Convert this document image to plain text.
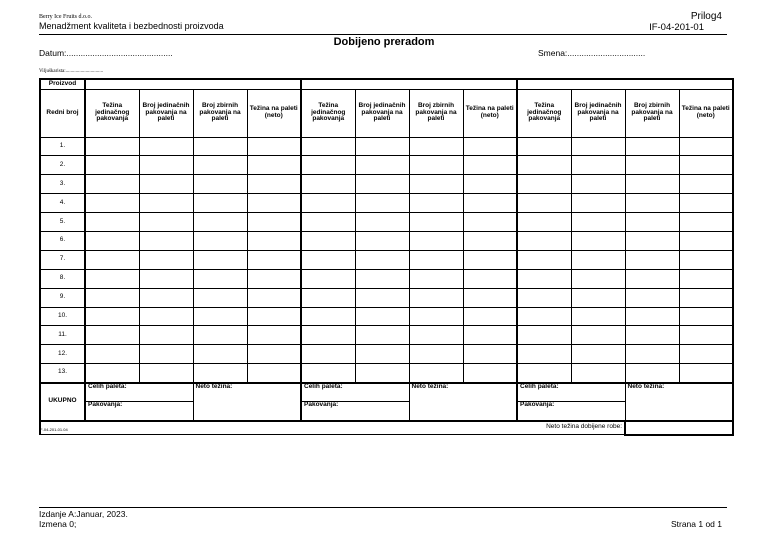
Berry Ice Fruits d.o.o.
Menadžment kvaliteta i bezbednosti proizvoda
Prilog4
IF-04-201-01
Dobijeno preradom
Datum:.............................................	Smena:.................................
Viljuškarista:..............................
Proizvod												
Redni broj	Težina jedinačnog pakovanja	Broj jedinačnih pakovanja na paleti	Broj zbirnih pakovanja na paleti	Težina na paleti (neto)	Težina jedinačnog pakovanja	Broj jedinačnih pakovanja na paleti	Broj zbirnih pakovanja na paleti	Težina na paleti (neto)	Težina jedinačnog pakovanja	Broj jedinačnih pakovanja na paleti	Broj zbirnih pakovanja na paleti	Težina na paleti (neto)
1.												
2.												
3.												
4.												
5.												
6.												
7.												
8.												
9.												
10.												
11.												
12.												
13.												
UKUPNO	Celih paleta:		Neto težina:		Celih paleta:		Neto težina:		Celih paleta:		Neto težina:	
	Pakovanja:				Pakovanja:				Pakovanja:			
Neto težina dobijene robe:												
IF-04-201-01.04
Izdanje A:Januar, 2023.
Izmena 0;	Strana 1 od 1
